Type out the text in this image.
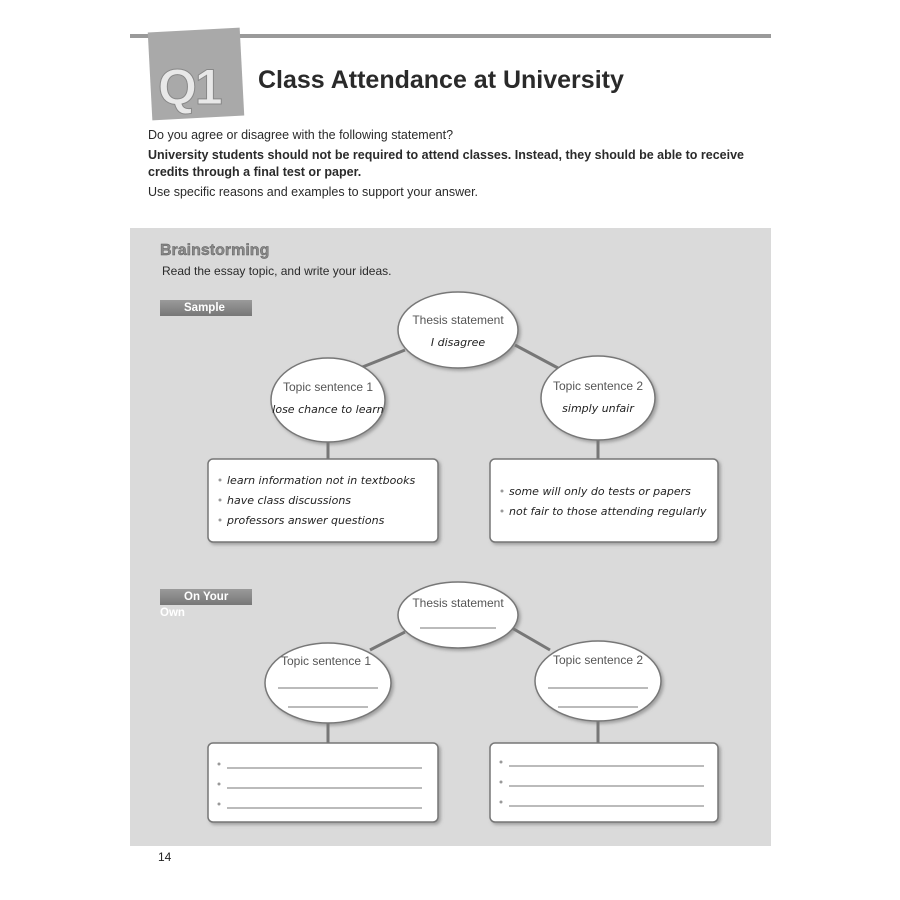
Q1 Class Attendance at University
Do you agree or disagree with the following statement?
University students should not be required to attend classes. Instead, they should be able to receive
credits through a final test or paper.
Use specific reasons and examples to support your answer.
Brainstorming
Read the essay topic, and write your ideas.
Sample
On Your Own
Thesis statement
I disagree
Topic sentence 1
lose chance to learn
Topic sentence 2
simply unfair
learn information not in textbooks
have class discussions
professors answer questions
some will only do tests or papers
not fair to those attending regularly
Thesis statement
Topic sentence 1	Topic sentence 2
14
